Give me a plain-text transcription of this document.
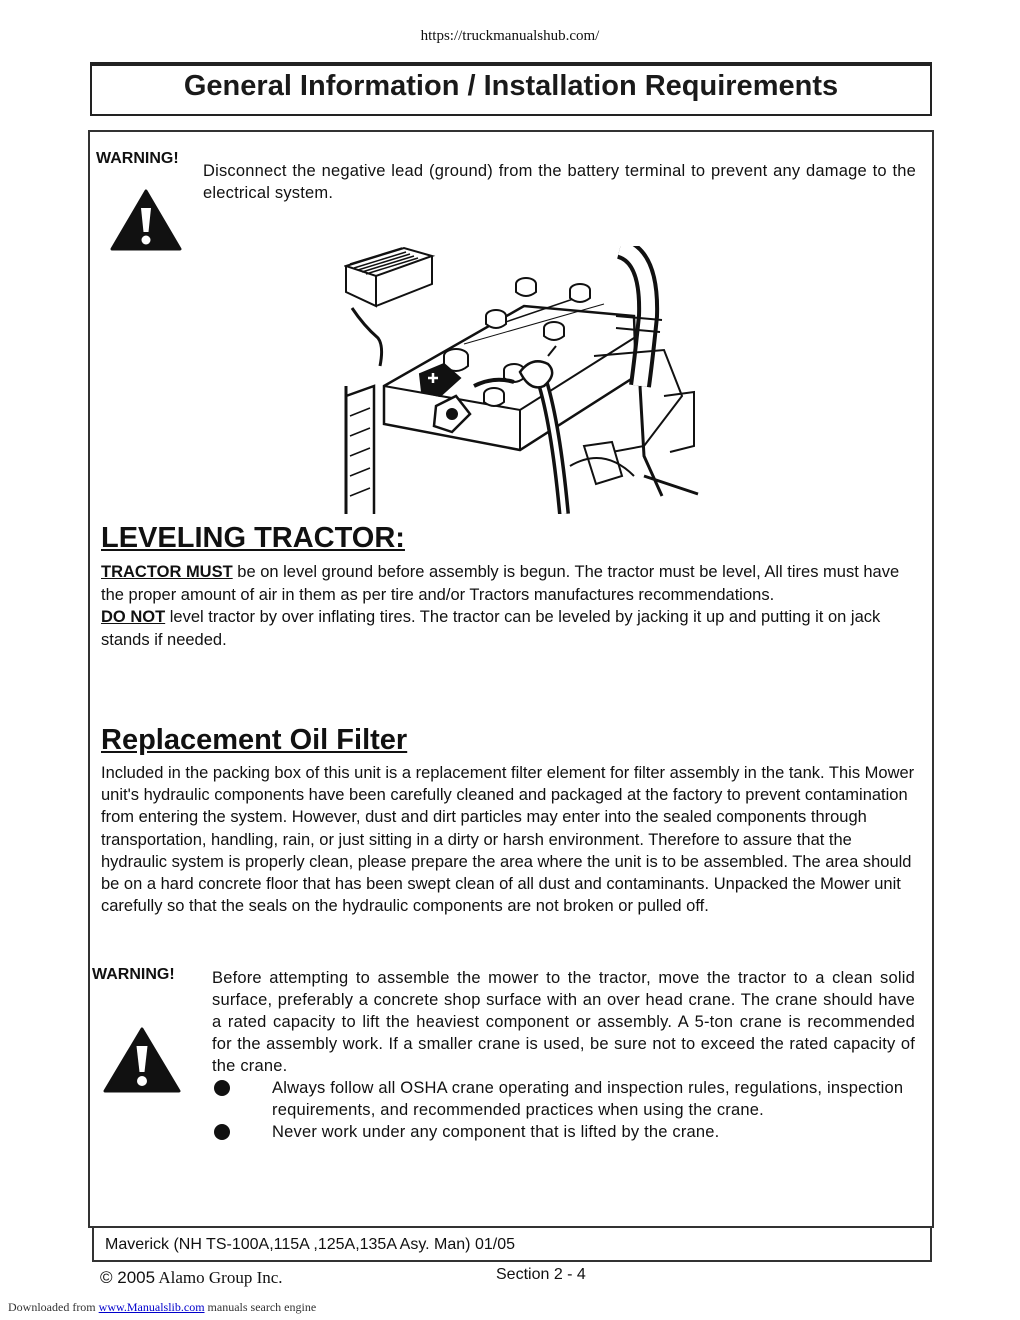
https://truckmanualshub.com/
General Information / Installation Requirements
WARNING!
Disconnect the negative lead (ground) from the battery terminal to prevent any damage to the electrical system.
LEVELING TRACTOR:
TRACTOR MUST be on level ground before assembly is begun. The tractor must be level, All tires must have the proper amount of air in them as per tire and/or Tractors manufactures recommendations.
DO NOT level tractor by over inflating tires. The tractor can be leveled by jacking it up and putting it on jack stands if needed.
Replacement Oil Filter
Included in the packing box of this unit is a replacement filter element for filter assembly in the tank. This Mower unit's hydraulic components have been carefully cleaned and packaged at the factory to prevent contamination from entering the system. However, dust and dirt particles may enter into the sealed components through transportation, handling, rain, or just sitting in a dirty or harsh environment. Therefore to assure that the hydraulic system is properly clean, please prepare the area where the unit is to be assembled. The area should be on a hard concrete floor that has been swept clean of all dust and contaminants. Unpacked the Mower unit carefully so that the seals on the hydraulic components are not broken or pulled off.
WARNING! Before attempting to assemble the mower to the tractor, move the tractor to a clean solid surface, preferably a concrete shop surface with an over head crane. The crane should have a rated capacity to lift the heaviest component or assembly. A 5-ton crane is recommended for the assembly work. If a smaller crane is used, be sure not to exceed the rated capacity of the crane.
Always follow all OSHA crane operating and inspection rules, regulations, inspection requirements, and recommended practices when using the crane.
Never work under any component that is lifted by the crane.
Maverick (NH TS-100A,115A ,125A,135A Asy. Man) 01/05
© 2005 Alamo Group Inc.	Section 2 - 4
Downloaded from www.Manualslib.com manuals search engine
